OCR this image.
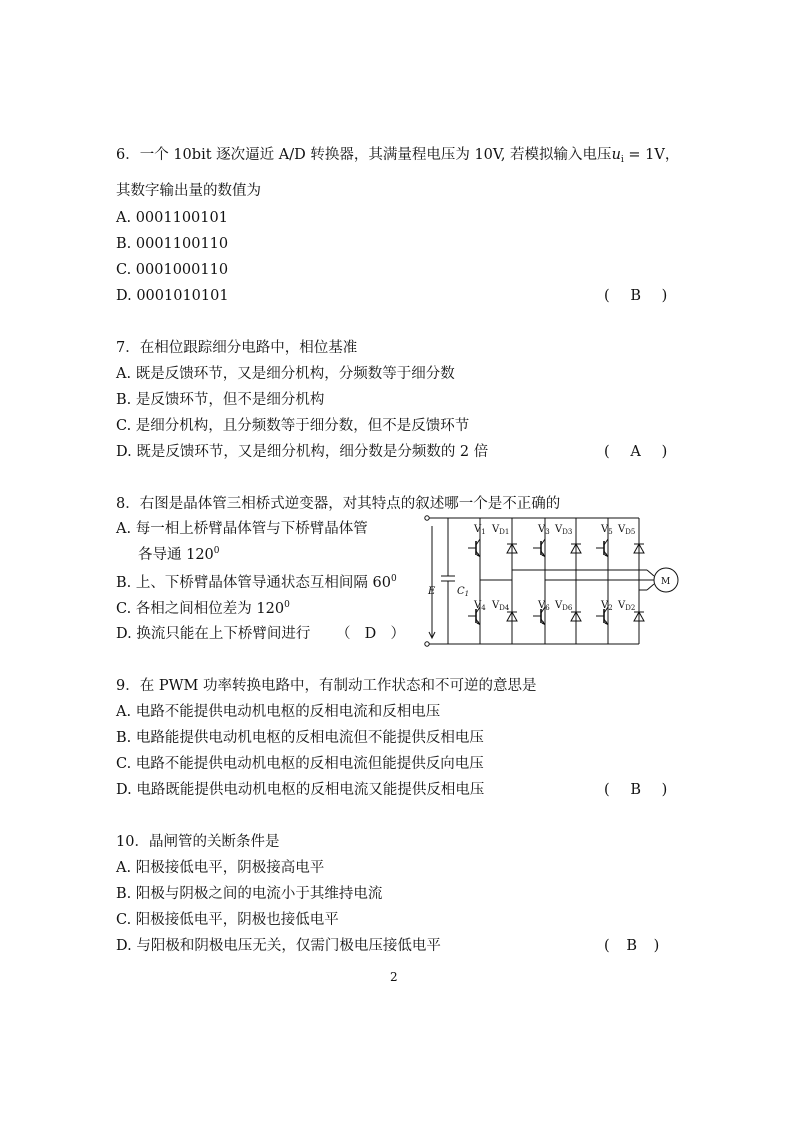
6．一个 10bit 逐次逼近 A/D 转换器，其满量程电压为 10V, 若模拟输入电压$u_i = 1V$，
其数字输出量的数值为
A. 0001100101
B. 0001100110
C. 0001000110
D. 0001010101	( B )
7．在相位跟踪细分电路中，相位基准
A. 既是反馈环节，又是细分机构，分频数等于细分数
B. 是反馈环节，但不是细分机构
C. 是细分机构，且分频数等于细分数，但不是反馈环节
D. 既是反馈环节，又是细分机构，细分数是分频数的 2 倍	( A )
8．右图是晶体管三相桥式逆变器，对其特点的叙述哪一个是不正确的
A. 每一相上桥臂晶体管与下桥臂晶体管
各导通 $120^0$
B. 上、下桥臂晶体管导通状态互相间隔 $60^0$
C. 各相之间相位差为 $120^0$
D. 换流只能在上下桥臂间进行 （ D ）
E $C_1$
M
$V_1$ $V_{D1}$	$V_3$ $V_{D3}$	$V_5$ $V_{D5}$
$V_4$ $V_{D4}$	$V_6$ $V_{D6}$	$V_2$ $V_{D2}$
9．在 PWM 功率转换电路中，有制动工作状态和不可逆的意思是
A. 电路不能提供电动机电枢的反相电流和反相电压
B. 电路能提供电动机电枢的反相电流但不能提供反相电压
C. 电路不能提供电动机电枢的反相电流但能提供反向电压
D. 电路既能提供电动机电枢的反相电流又能提供反相电压	( B )
10．晶闸管的关断条件是
A. 阳极接低电平，阴极接高电平
B. 阳极与阴极之间的电流小于其维持电流
C. 阳极接低电平，阴极也接低电平
D. 与阳极和阴极电压无关，仅需门极电压接低电平	( B )
2
